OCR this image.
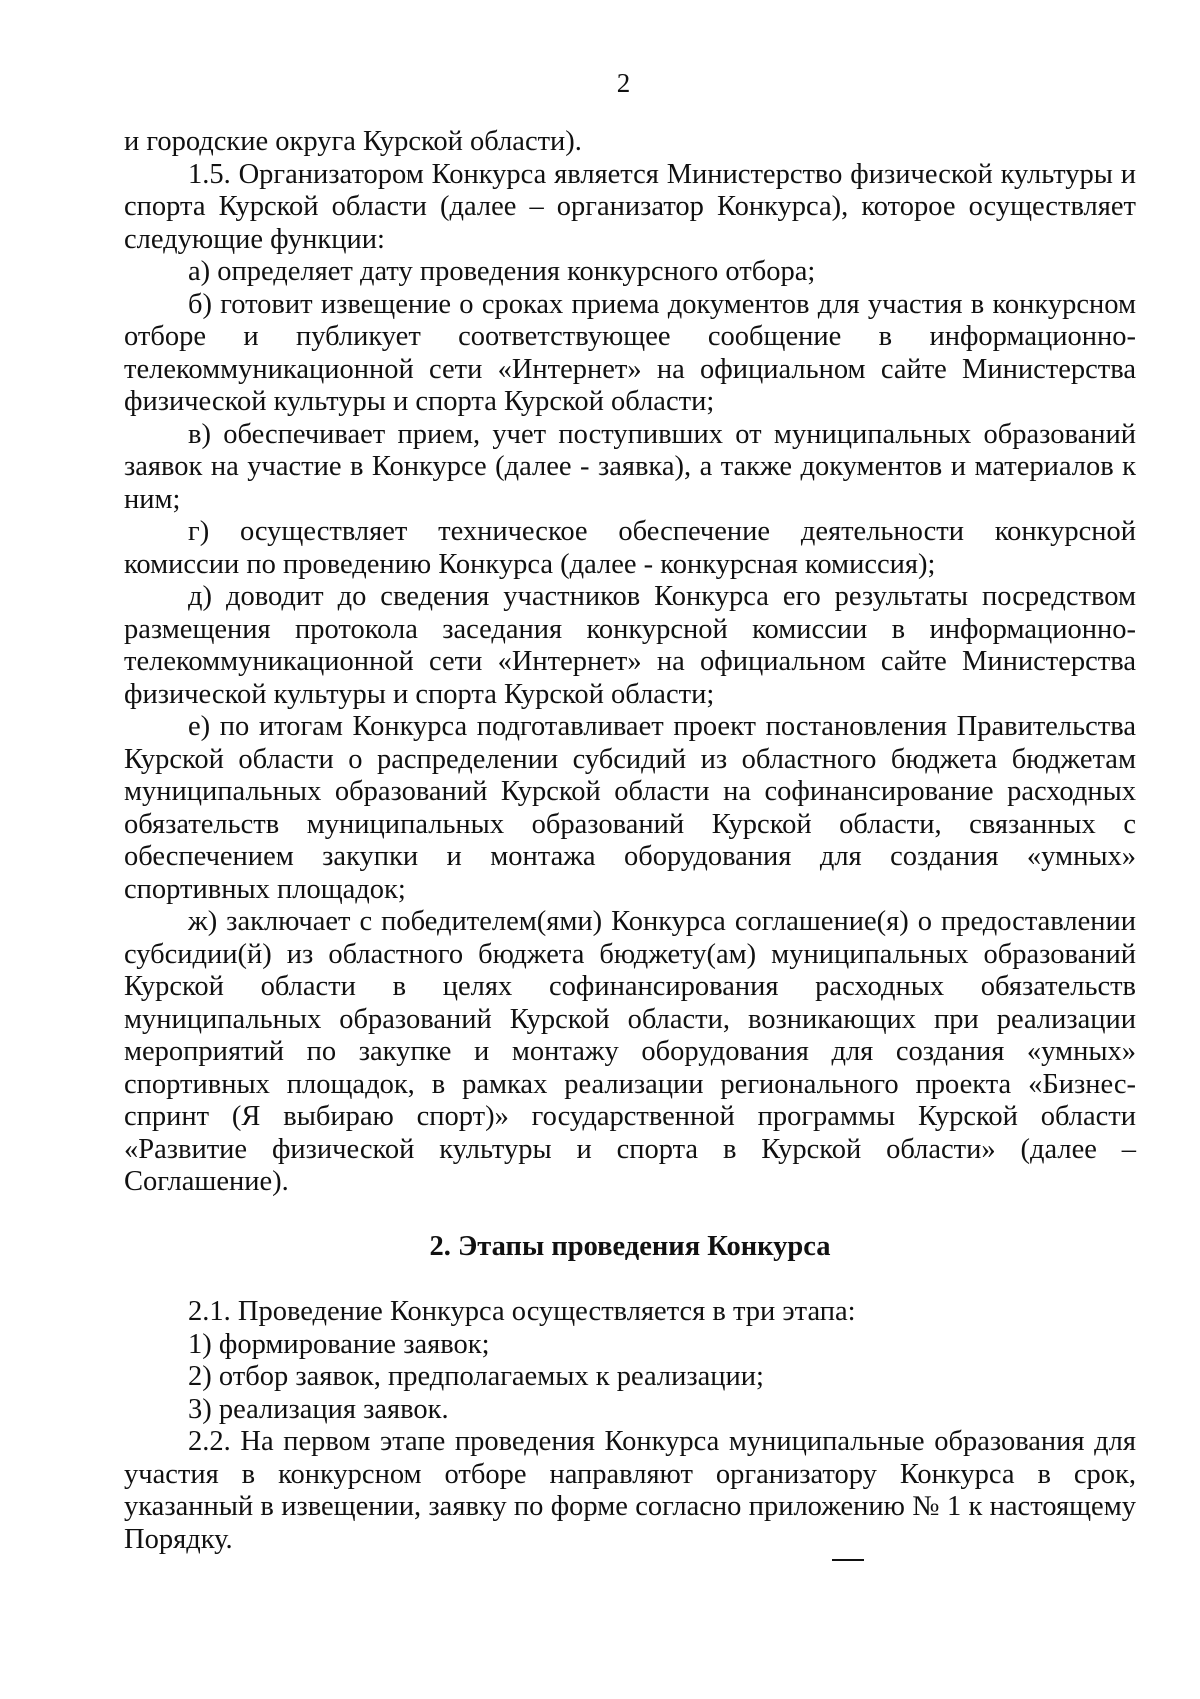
2

и городские округа Курской области).

1.5. Организатором Конкурса является Министерство физической культуры и спорта Курской области (далее – организатор Конкурса), которое осуществляет следующие функции:

а) определяет дату проведения конкурсного отбора;

б) готовит извещение о сроках приема документов для участия в конкурсном отборе и публикует соответствующее сообщение в информационно-телекоммуникационной сети «Интернет» на официальном сайте Министерства физической культуры и спорта Курской области;

в) обеспечивает прием, учет поступивших от муниципальных образований заявок на участие в Конкурсе (далее - заявка), а также документов и материалов к ним;

г) осуществляет техническое обеспечение деятельности конкурсной комиссии по проведению Конкурса (далее - конкурсная комиссия);

д) доводит до сведения участников Конкурса его результаты посредством размещения протокола заседания конкурсной комиссии в информационно-телекоммуникационной сети «Интернет» на официальном сайте Министерства физической культуры и спорта Курской области;

е) по итогам Конкурса подготавливает проект постановления Правительства Курской области о распределении субсидий из областного бюджета бюджетам муниципальных образований Курской области на софинансирование расходных обязательств муниципальных образований Курской области, связанных с обеспечением закупки и монтажа оборудования для создания «умных» спортивных площадок;

ж) заключает с победителем(ями) Конкурса соглашение(я) о предоставлении субсидии(й) из областного бюджета бюджету(ам) муниципальных образований Курской области в целях софинансирования расходных обязательств муниципальных образований Курской области, возникающих при реализации мероприятий по закупке и монтажу оборудования для создания «умных» спортивных площадок, в рамках реализации регионального проекта «Бизнес-спринт (Я выбираю спорт)» государственной программы Курской области «Развитие физической культуры и спорта в Курской области» (далее – Соглашение).

2. Этапы проведения Конкурса

2.1. Проведение Конкурса осуществляется в три этапа:

1) формирование заявок;

2) отбор заявок, предполагаемых к реализации;

3) реализация заявок.

2.2. На первом этапе проведения Конкурса муниципальные образования для участия в конкурсном отборе направляют организатору Конкурса в срок, указанный в извещении, заявку по форме согласно приложению № 1 к настоящему Порядку.
